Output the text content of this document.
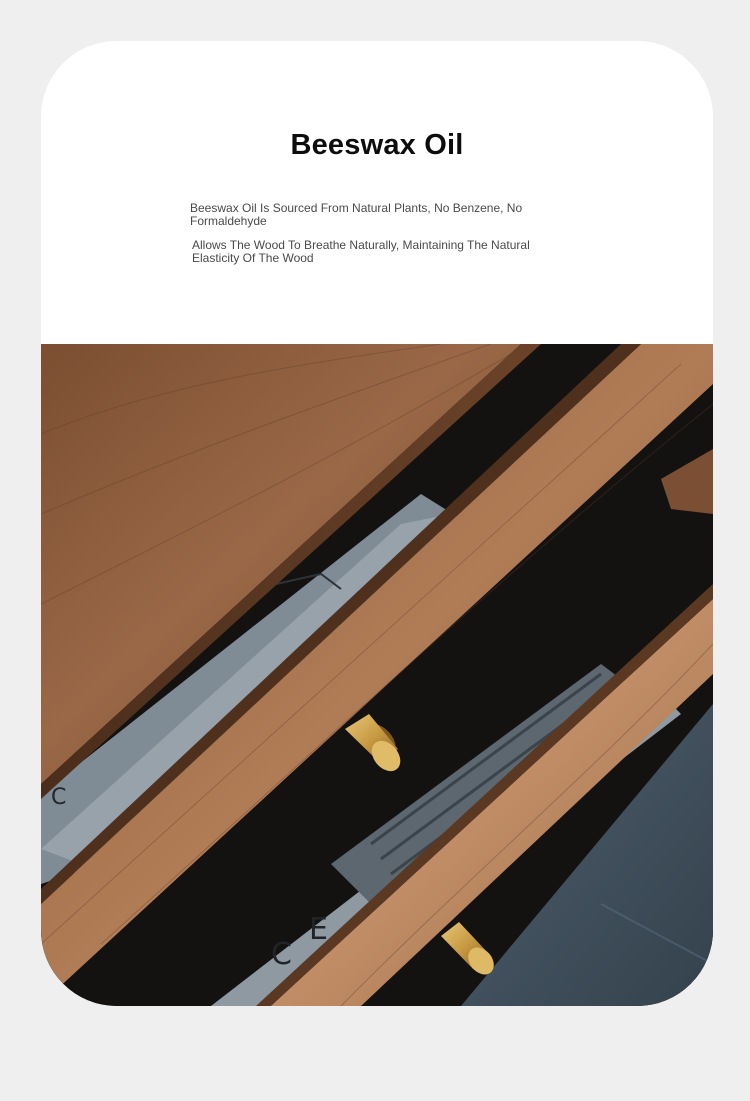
Beeswax Oil
Beeswax Oil Is Sourced From Natural Plants, No Benzene, No Formaldehyde
Allows The Wood To Breathe Naturally, Maintaining The Natural Elasticity Of The Wood
C
C
E
